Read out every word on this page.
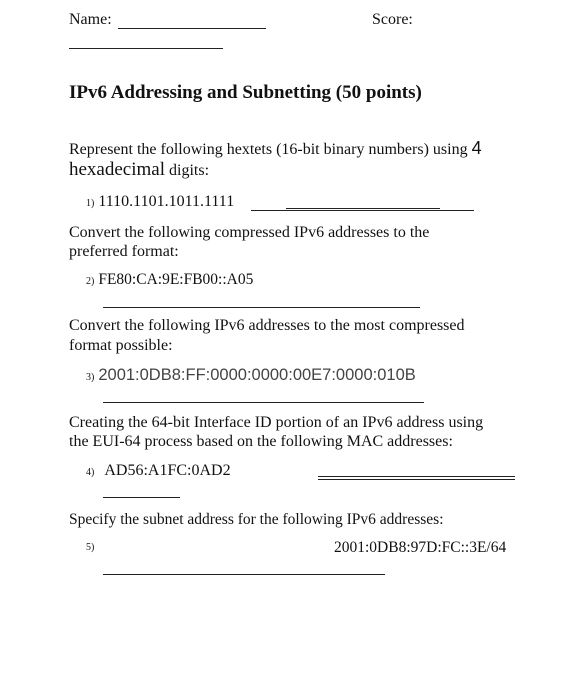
Name:	Score:
IPv6 Addressing and Subnetting (50 points)
Represent the following hextets (16-bit binary numbers) using 4
hexadecimal digits:
1) 1110.1101.1011.1111
Convert the following compressed IPv6 addresses to the
preferred format:
2) FE80:CA:9E:FB00::A05
Convert the following IPv6 addresses to the most compressed
format possible:
3) 2001:0DB8:FF:0000:0000:00E7:0000:010B
Creating the 64-bit Interface ID portion of an IPv6 address using
the EUI-64 process based on the following MAC addresses:
4) AD56:A1FC:0AD2
Specify the subnet address for the following IPv6 addresses:
5)	2001:0DB8:97D:FC::3E/64
